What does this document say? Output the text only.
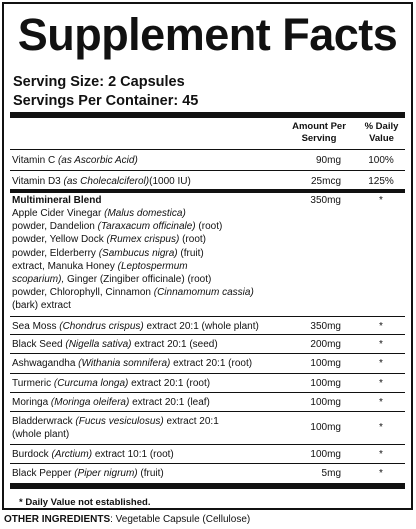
Supplement Facts
Serving Size: 2 Capsules
Servings Per Container: 45
Amount Per
Serving
% Daily
Value
Vitamin C (as Ascorbic Acid)	90mg	100%
Vitamin D3 (as Cholecalciferol)(1000 IU)	25mcg	125%
Multimineral Blend	350mg	*
Apple Cider Vinegar (Malus domestica)
powder, Dandelion (Taraxacum officinale) (root)
powder, Yellow Dock (Rumex crispus) (root)
powder, Elderberry (Sambucus nigra) (fruit)
extract, Manuka Honey (Leptospermum
scoparium), Ginger (Zingiber officinale) (root)
powder, Chlorophyll, Cinnamon (Cinnamomum cassia)
(bark) extract
Sea Moss (Chondrus crispus) extract 20:1 (whole plant)	350mg	*
Black Seed (Nigella sativa) extract 20:1 (seed)	200mg	*
Ashwagandha (Withania somnifera) extract 20:1 (root)	100mg	*
Turmeric (Curcuma longa) extract 20:1 (root)	100mg	*
Moringa (Moringa oleifera) extract 20:1 (leaf)	100mg	*
Bladderwrack (Fucus vesiculosus) extract 20:1
(whole plant)
100mg	*
Burdock (Arctium) extract 10:1 (root)	100mg	*
Black Pepper (Piper nigrum) (fruit)	5mg	*
* Daily Value not established.
OTHER INGREDIENTS: Vegetable Capsule (Cellulose)
